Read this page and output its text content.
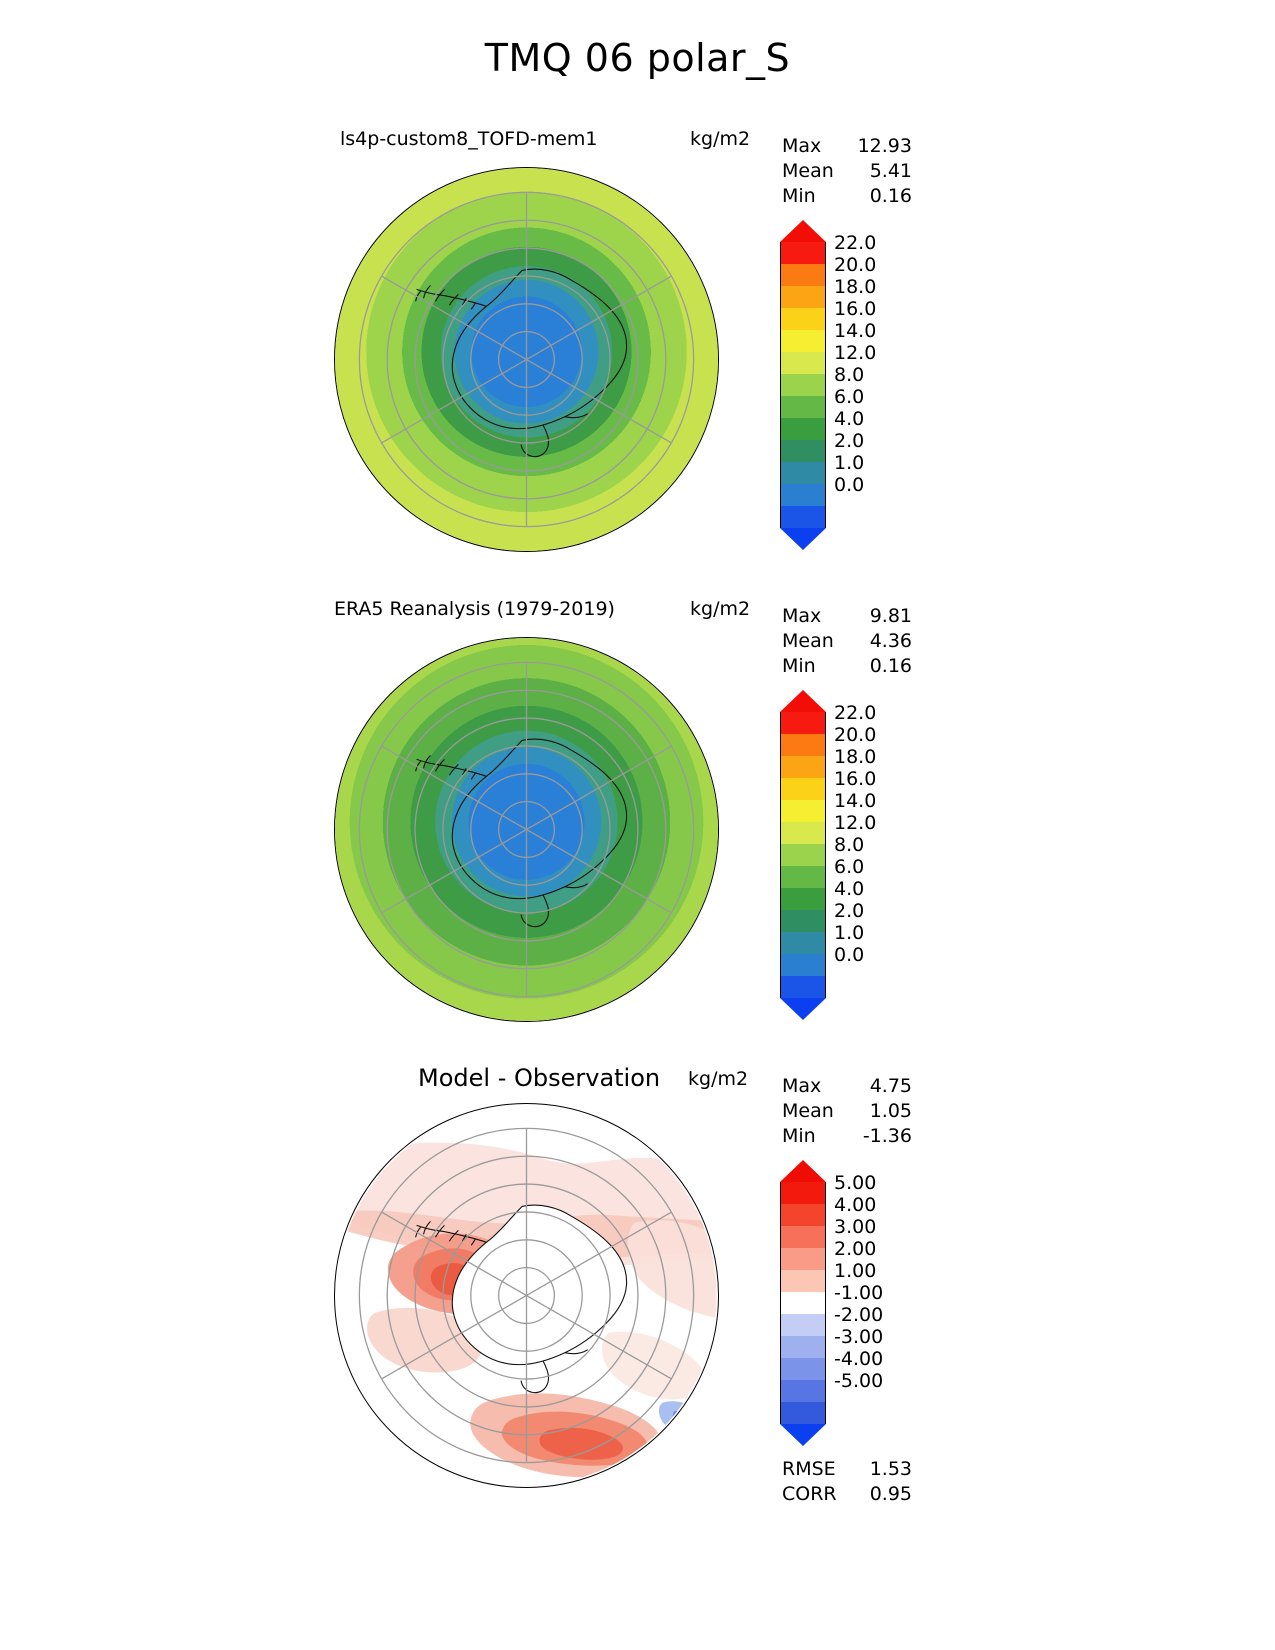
TMQ 06 polar_S
ls4p-custom8_TOFD-mem1	kg/m2 Max 12.93
Mean 5.41
Min	0.16
22.0
20.0
18.0
16.0
14.0
12.0
8.0
6.0
4.0
2.0
1.0
0.0
ERA5 Reanalysis (1979-2019)	kg/m2 Max	9.81
Mean 4.36
Min	0.16
22.0
20.0
18.0
16.0
14.0
12.0
8.0
6.0
4.0
2.0
1.0
0.0
Model - Observation kg/m2 Max	4.75
Mean 1.05
Min -1.36
5.00
4.00
3.00
2.00
1.00
-1.00
-2.00
-3.00
-4.00
-5.00
RMSE 1.53
CORR 0.95
